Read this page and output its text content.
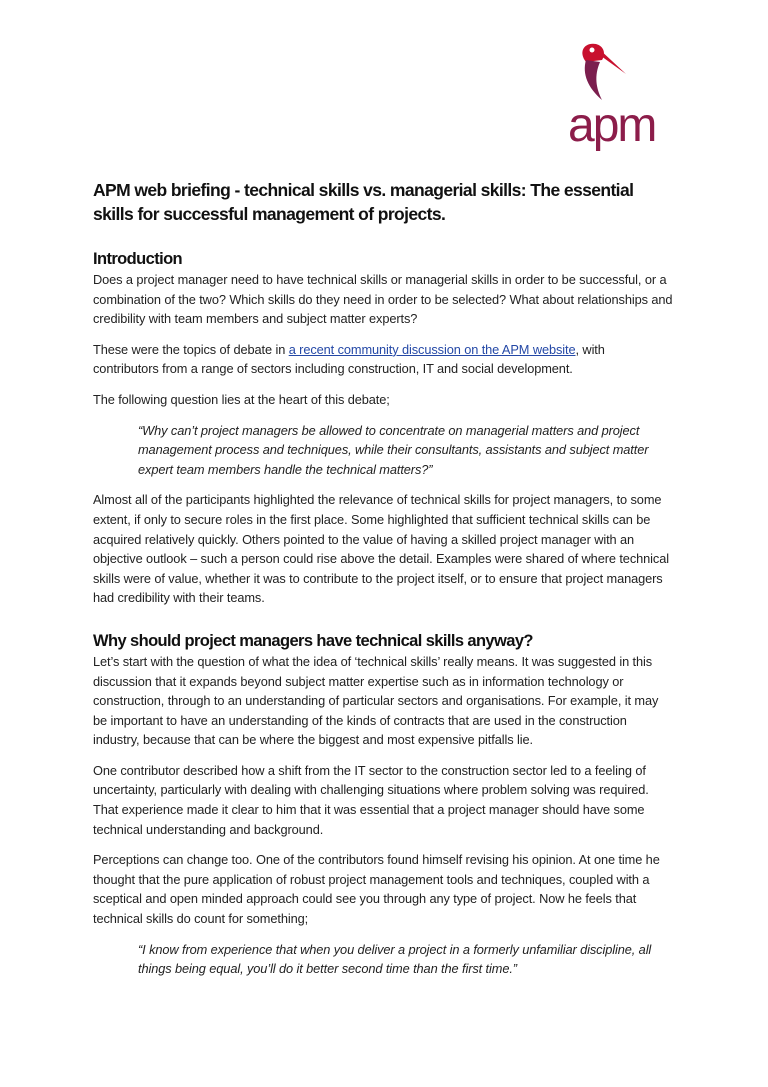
apm
APM web briefing - technical skills vs. managerial skills: The essential skills for successful management of projects.
Introduction

Does a project manager need to have technical skills or managerial skills in order to be successful, or a combination of the two? Which skills do they need in order to be selected? What about relationships and credibility with team members and subject matter experts?

These were the topics of debate in a recent community discussion on the APM website, with contributors from a range of sectors including construction, IT and social development.

The following question lies at the heart of this debate;

“Why can’t project managers be allowed to concentrate on managerial matters and project management process and techniques, while their consultants, assistants and subject matter expert team members handle the technical matters?”

Almost all of the participants highlighted the relevance of technical skills for project managers, to some extent, if only to secure roles in the first place. Some highlighted that sufficient technical skills can be acquired relatively quickly. Others pointed to the value of having a skilled project manager with an objective outlook – such a person could rise above the detail. Examples were shared of where technical skills were of value, whether it was to contribute to the project itself, or to ensure that project managers had credibility with their teams.

Why should project managers have technical skills anyway?

Let’s start with the question of what the idea of ‘technical skills’ really means. It was suggested in this discussion that it expands beyond subject matter expertise such as in information technology or construction, through to an understanding of particular sectors and organisations. For example, it may be important to have an understanding of the kinds of contracts that are used in the construction industry, because that can be where the biggest and most expensive pitfalls lie.

One contributor described how a shift from the IT sector to the construction sector led to a feeling of uncertainty, particularly with dealing with challenging situations where problem solving was required. That experience made it clear to him that it was essential that a project manager should have some technical understanding and background.

Perceptions can change too. One of the contributors found himself revising his opinion. At one time he thought that the pure application of robust project management tools and techniques, coupled with a sceptical and open minded approach could see you through any type of project. Now he feels that technical skills do count for something;

“I know from experience that when you deliver a project in a formerly unfamiliar discipline, all things being equal, you’ll do it better second time than the first time.”
